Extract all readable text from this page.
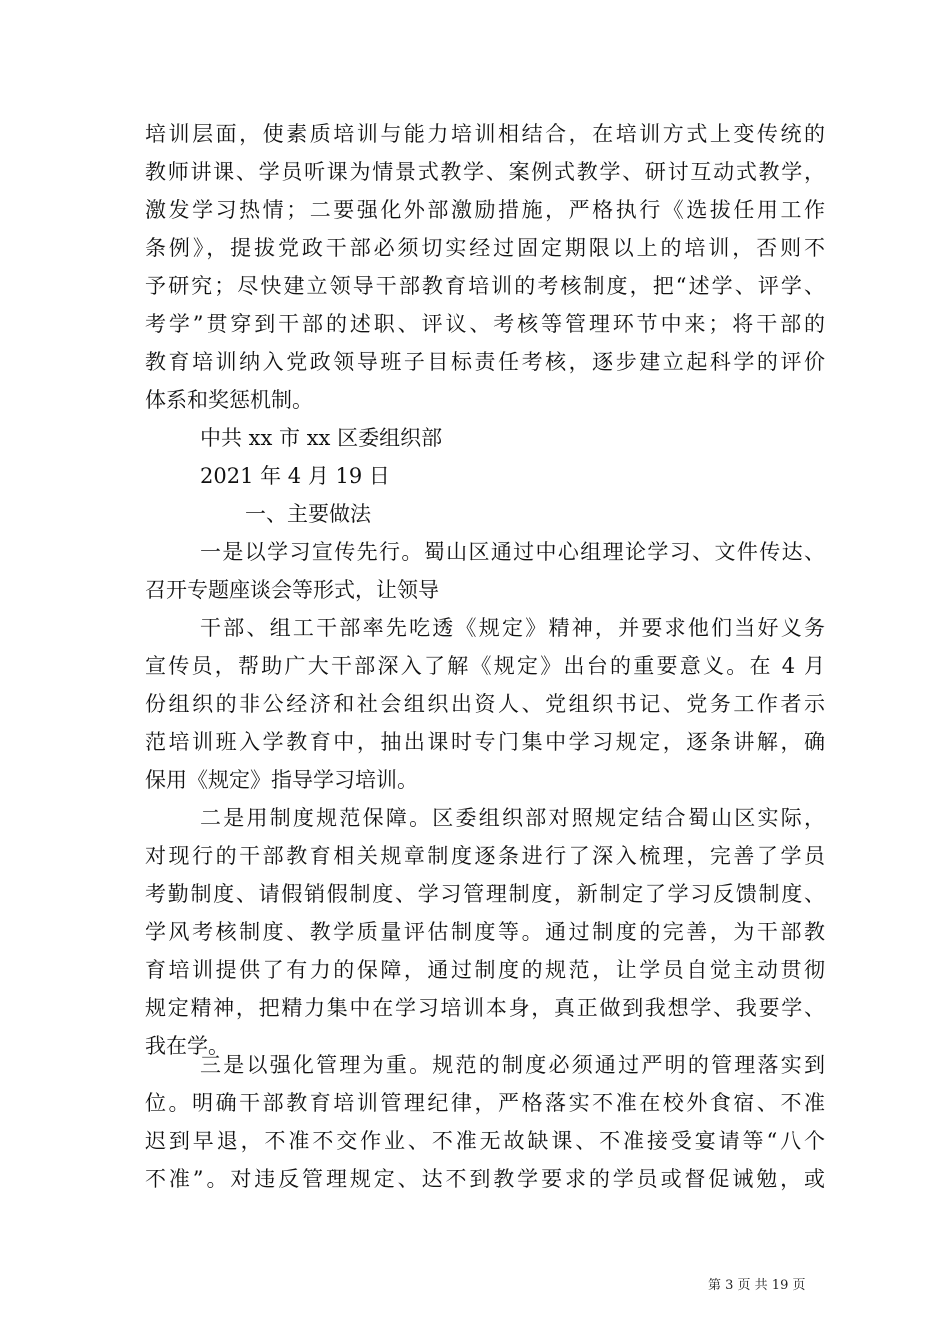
培训层面，使素质培训与能力培训相结合，在培训方式上变传统的
教师讲课、学员听课为情景式教学、案例式教学、研讨互动式教学，
激发学习热情；二要强化外部激励措施，严格执行《选拔任用工作
条例》，提拔党政干部必须切实经过固定期限以上的培训，否则不
予研究；尽快建立领导干部教育培训的考核制度，把“述学、评学、
考学”贯穿到干部的述职、评议、考核等管理环节中来；将干部的
教育培训纳入党政领导班子目标责任考核，逐步建立起科学的评价
体系和奖惩机制。
中共 xx 市 xx 区委组织部
2021 年 4 月 19 日
一、主要做法
一是以学习宣传先行。蜀山区通过中心组理论学习、文件传达、
召开专题座谈会等形式，让领导
干部、组工干部率先吃透《规定》精神，并要求他们当好义务
宣传员，帮助广大干部深入了解《规定》出台的重要意义。在 4 月
份组织的非公经济和社会组织出资人、党组织书记、党务工作者示
范培训班入学教育中，抽出课时专门集中学习规定，逐条讲解，确
保用《规定》指导学习培训。
二是用制度规范保障。区委组织部对照规定结合蜀山区实际，
对现行的干部教育相关规章制度逐条进行了深入梳理，完善了学员
考勤制度、请假销假制度、学习管理制度，新制定了学习反馈制度、
学风考核制度、教学质量评估制度等。通过制度的完善，为干部教
育培训提供了有力的保障，通过制度的规范，让学员自觉主动贯彻
规定精神，把精力集中在学习培训本身，真正做到我想学、我要学、
我在学。
三是以强化管理为重。规范的制度必须通过严明的管理落实到
位。明确干部教育培训管理纪律，严格落实不准在校外食宿、不准
迟到早退，不准不交作业、不准无故缺课、不准接受宴请等“八个
不准”。对违反管理规定、达不到教学要求的学员或督促诫勉，或
第 3 页 共 19 页
